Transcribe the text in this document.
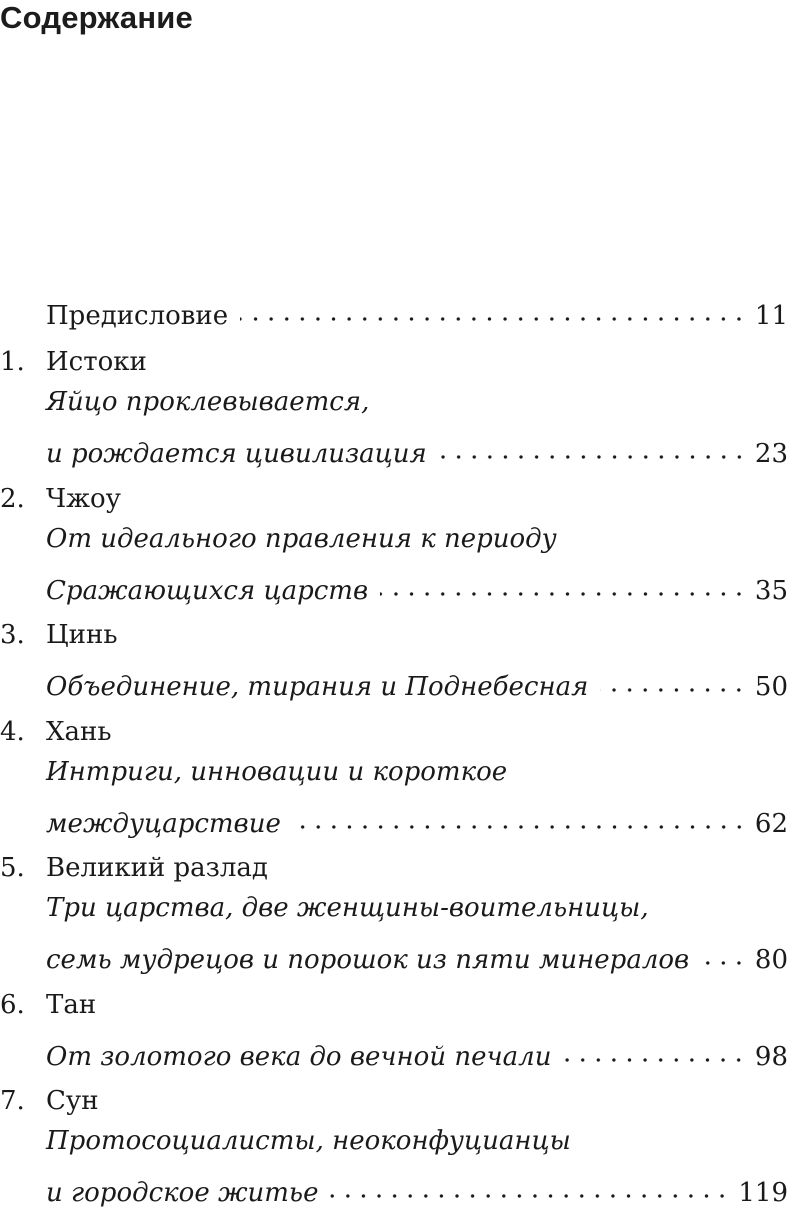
Содержание
Предисловие	11
1. Истоки
Яйцо проклевывается,
и рождается цивилизация	23
2. Чжоу
От идеального правления к периоду
Сражающихся царств	35
3. Цинь
Объединение, тирания и Поднебесная	50
4. Хань
Интриги, инновации и короткое
междуцарствие	62
5. Великий разлад
Три царства, две женщины-воительницы,
семь мудрецов и порошок из пяти минералов	80
6. Тан
От золотого века до вечной печали	98
7. Сун
Протосоциалисты, неоконфуцианцы
и городское житье	119
